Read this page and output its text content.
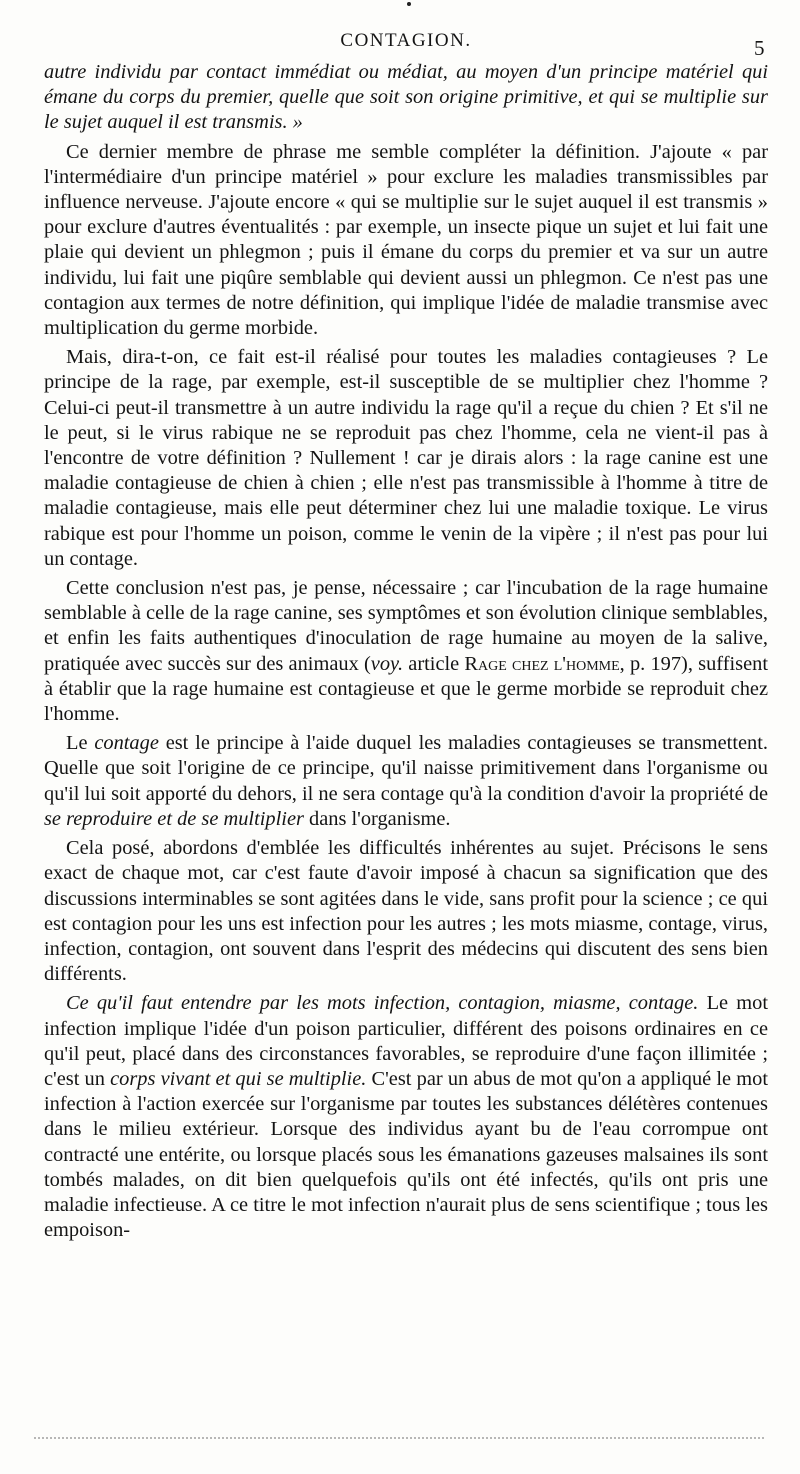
CONTAGION.	5

autre individu par contact immédiat ou médiat, au moyen d'un principe matériel qui émane du corps du premier, quelle que soit son origine primitive, et qui se multiplie sur le sujet auquel il est transmis. »

Ce dernier membre de phrase me semble compléter la définition. J'ajoute « par l'intermédiaire d'un principe matériel » pour exclure les maladies transmissibles par influence nerveuse. J'ajoute encore « qui se multiplie sur le sujet auquel il est transmis » pour exclure d'autres éventualités : par exemple, un insecte pique un sujet et lui fait une plaie qui devient un phlegmon ; puis il émane du corps du premier et va sur un autre individu, lui fait une piqûre semblable qui devient aussi un phlegmon. Ce n'est pas une contagion aux termes de notre définition, qui implique l'idée de maladie transmise avec multiplication du germe morbide.

Mais, dira-t-on, ce fait est-il réalisé pour toutes les maladies contagieuses ? Le principe de la rage, par exemple, est-il susceptible de se multiplier chez l'homme ? Celui-ci peut-il transmettre à un autre individu la rage qu'il a reçue du chien ? Et s'il ne le peut, si le virus rabique ne se reproduit pas chez l'homme, cela ne vient-il pas à l'encontre de votre définition ? Nullement ! car je dirais alors : la rage canine est une maladie contagieuse de chien à chien ; elle n'est pas transmissible à l'homme à titre de maladie contagieuse, mais elle peut déterminer chez lui une maladie toxique. Le virus rabique est pour l'homme un poison, comme le venin de la vipère ; il n'est pas pour lui un contage.

Cette conclusion n'est pas, je pense, nécessaire ; car l'incubation de la rage humaine semblable à celle de la rage canine, ses symptômes et son évolution clinique semblables, et enfin les faits authentiques d'inoculation de rage humaine au moyen de la salive, pratiquée avec succès sur des animaux (voy. article Rage chez l'homme, p. 197), suffisent à établir que la rage humaine est contagieuse et que le germe morbide se reproduit chez l'homme.

Le contage est le principe à l'aide duquel les maladies contagieuses se transmettent. Quelle que soit l'origine de ce principe, qu'il naisse primitivement dans l'organisme ou qu'il lui soit apporté du dehors, il ne sera contage qu'à la condition d'avoir la propriété de se reproduire et de se multiplier dans l'organisme.

Cela posé, abordons d'emblée les difficultés inhérentes au sujet. Précisons le sens exact de chaque mot, car c'est faute d'avoir imposé à chacun sa signification que des discussions interminables se sont agitées dans le vide, sans profit pour la science ; ce qui est contagion pour les uns est infection pour les autres ; les mots miasme, contage, virus, infection, contagion, ont souvent dans l'esprit des médecins qui discutent des sens bien différents.

Ce qu'il faut entendre par les mots infection, contagion, miasme, contage. Le mot infection implique l'idée d'un poison particulier, différent des poisons ordinaires en ce qu'il peut, placé dans des circonstances favorables, se reproduire d'une façon illimitée ; c'est un corps vivant et qui se multiplie. C'est par un abus de mot qu'on a appliqué le mot infection à l'action exercée sur l'organisme par toutes les substances délétères contenues dans le milieu extérieur. Lorsque des individus ayant bu de l'eau corrompue ont contracté une entérite, ou lorsque placés sous les émanations gazeuses malsaines ils sont tombés malades, on dit bien quelquefois qu'ils ont été infectés, qu'ils ont pris une maladie infectieuse. A ce titre le mot infection n'aurait plus de sens scientifique ; tous les empoison-
